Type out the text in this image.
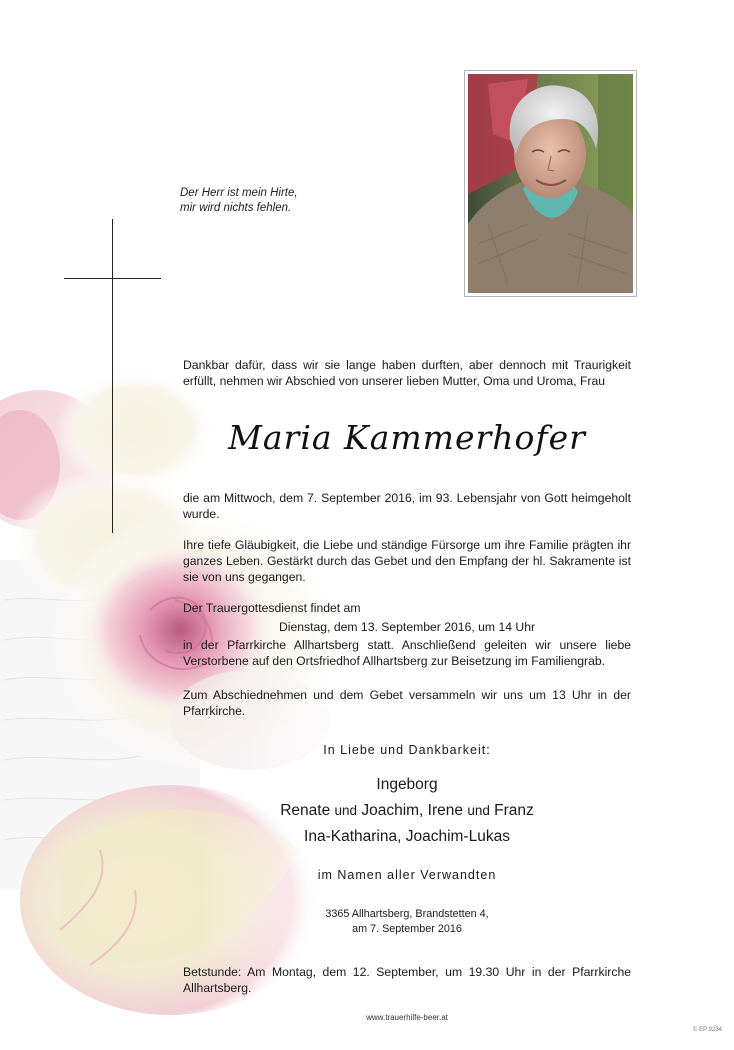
Der Herr ist mein Hirte,
mir wird nichts fehlen.
Dankbar dafür, dass wir sie lange haben durften, aber dennoch mit Traurigkeit erfüllt, nehmen wir Abschied von unserer lieben Mutter, Oma und Uroma, Frau
Maria Kammerhofer
die am Mittwoch, dem 7. September 2016, im 93. Lebensjahr von Gott heimgeholt wurde.
Ihre tiefe Gläubigkeit, die Liebe und ständige Fürsorge um ihre Familie prägten ihr ganzes Leben. Gestärkt durch das Gebet und den Empfang der hl. Sakramente ist sie von uns gegangen.
Der Trauergottesdienst findet am
Dienstag, dem 13. September 2016, um 14 Uhr
in der Pfarrkirche Allhartsberg statt. Anschließend geleiten wir unsere liebe Verstorbene auf den Ortsfriedhof Allhartsberg zur Beisetzung im Familiengrab.
Zum Abschiednehmen und dem Gebet versammeln wir uns um 13 Uhr in der Pfarrkirche.
In Liebe und Dankbarkeit:
Ingeborg
Renate und Joachim, Irene und Franz
Ina-Katharina, Joachim-Lukas
im Namen aller Verwandten
3365 Allhartsberg, Brandstetten 4,
am 7. September 2016
Betstunde: Am Montag, dem 12. September, um 19.30 Uhr in der Pfarrkirche Allhartsberg.
www.trauerhilfe-beer.at
© EP 9234
